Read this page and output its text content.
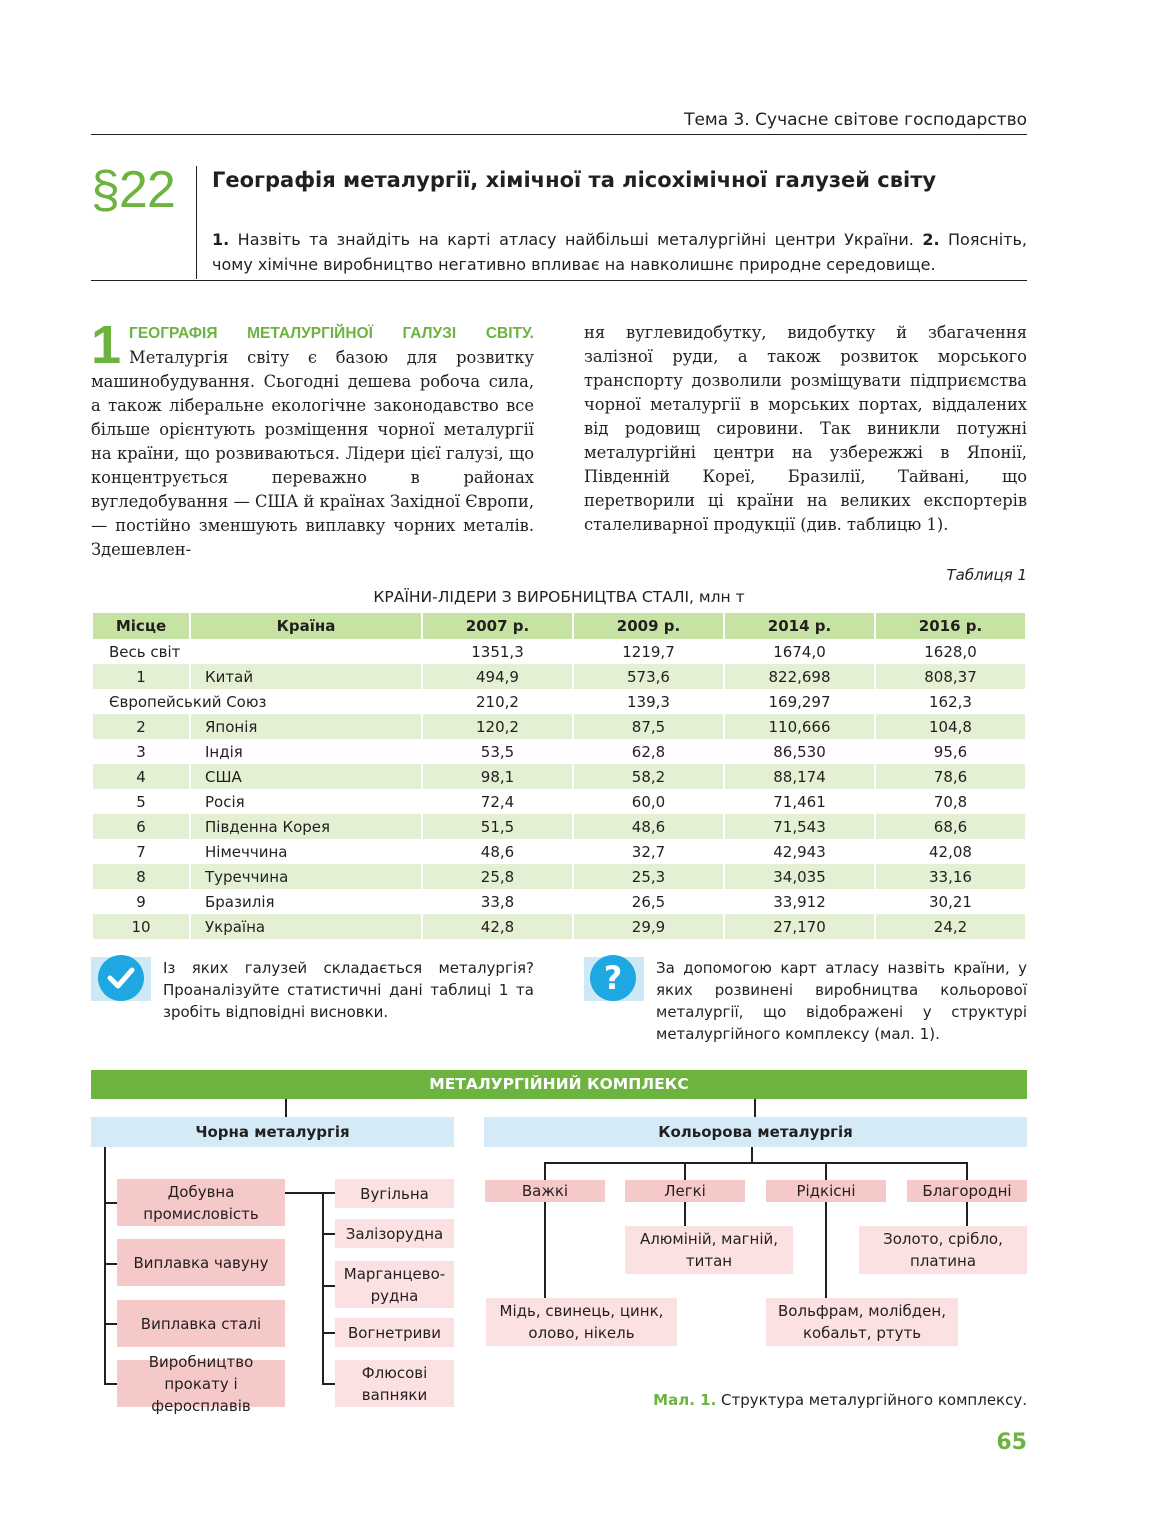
Тема 3. Сучасне світове господарство
§22 Географія металургії, хімічної та лісохімічної галузей світу
1. Назвіть та знайдіть на карті атласу найбільші металургійні центри України. 2. Поясніть, чому хімічне виробництво негативно впливає на навколишнє природне середовище.
1 ГЕОГРАФІЯ МЕТАЛУРГІЙНОЇ ГАЛУЗІ СВІТУ. Металургія світу є базою для розвитку машинобудування. Сьогодні дешева робоча сила, а також ліберальне екологічне законодавство все більше орієнтують розміщення чорної металургії на країни, що розвиваються. Лідери цієї галузі, що концентрується переважно в районах вугледобування — США й країнах Західної Європи, — постійно зменшують виплавку чорних металів. Здешевлен-
ня вуглевидобутку, видобутку й збагачення залізної руди, а також розвиток морського транспорту дозволили розміщувати підприємства чорної металургії в морських портах, віддалених від родовищ сировини. Так виникли потужні металургійні центри на узбережжі в Японії, Південній Кореї, Бразилії, Тайвані, що перетворили ці країни на великих експортерів сталеливарної продукції (див. таблицю 1).
Таблиця 1
КРАЇНИ-ЛІДЕРИ З ВИРОБНИЦТВА СТАЛІ, млн т
Місце	Країна	2007 р.	2009 р.	2014 р.	2016 р.
Весь світ		1351,3	1219,7	1674,0	1628,0
1	Китай	494,9	573,6	822,698	808,37
Європейський Союз		210,2	139,3	169,297	162,3
2	Японія	120,2	87,5	110,666	104,8
3	Індія	53,5	62,8	86,530	95,6
4	США	98,1	58,2	88,174	78,6
5	Росія	72,4	60,0	71,461	70,8
6	Південна Корея	51,5	48,6	71,543	68,6
7	Німеччина	48,6	32,7	42,943	42,08
8	Туреччина	25,8	25,3	34,035	33,16
9	Бразилія	33,8	26,5	33,912	30,21
10	Україна	42,8	29,9	27,170	24,2
Із яких галузей складається металургія? Проаналізуйте статистичні дані таблиці 1 та зробіть відповідні висновки.
?	За допомогою карт атласу назвіть країни, у яких розвинені виробництва кольорової металургії, що відображені у структурі металургійного комплексу (мал. 1).
МЕТАЛУРГІЙНИЙ КОМПЛЕКС
Чорна металургія	Кольорова металургія
Добувна промисловість
Виплавка чавуну
Виплавка сталі
Виробництво прокату і феросплавів
Вугільна
Залізорудна
Марганцево-
рудна
Вогнетриви
Флюсові
вапняки
Важкі	Легкі	Рідкісні	Благородні
Алюміній, магній, титан
Золото, срібло, платина
Мідь, свинець, цинк, олово, нікель
Вольфрам, молібден, кобальт, ртуть
Мал. 1. Структура металургійного комплексу.
65
